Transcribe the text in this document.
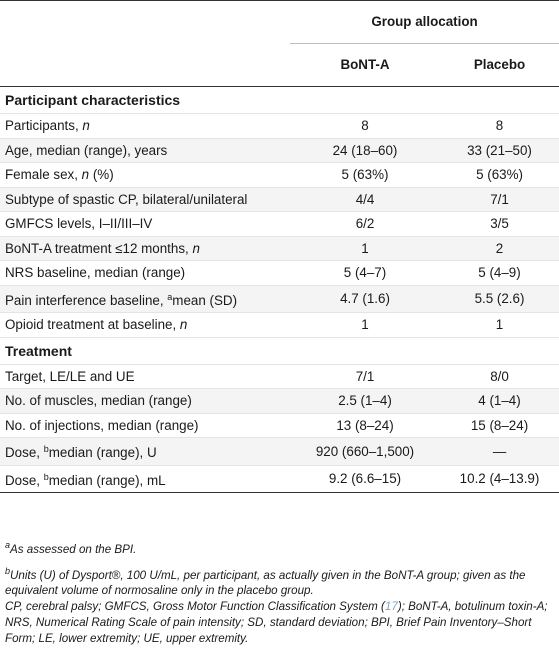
	Group allocation	
	BoNT-A	Placebo
Participant characteristics		
Participants, n	8	8
Age, median (range), years	24 (18–60)	33 (21–50)
Female sex, n (%)	5 (63%)	5 (63%)
Subtype of spastic CP, bilateral/unilateral	4/4	7/1
GMFCS levels, I–II/III–IV	6/2	3/5
BoNT-A treatment ≤12 months, n	1	2
NRS baseline, median (range)	5 (4–7)	5 (4–9)
Pain interference baseline, $^a$mean (SD)	4.7 (1.6)	5.5 (2.6)
Opioid treatment at baseline, n	1	1
Treatment		
Target, LE/LE and UE	7/1	8/0
No. of muscles, median (range)	2.5 (1–4)	4 (1–4)
No. of injections, median (range)	13 (8–24)	15 (8–24)
Dose, $^b$median (range), U	920 (660–1,500)	—
Dose, $^b$median (range), mL	9.2 (6.6–15)	10.2 (4–13.9)

$^a$As assessed on the BPI.

$^b$Units (U) of Dysport®, 100 U/mL, per participant, as actually given in the BoNT-A group; given as the equivalent volume of normosaline only in the placebo group.

CP, cerebral palsy; GMFCS, Gross Motor Function Classification System (17); BoNT-A, botulinum toxin-A; NRS, Numerical Rating Scale of pain intensity; SD, standard deviation; BPI, Brief Pain Inventory–Short Form; LE, lower extremity; UE, upper extremity.
